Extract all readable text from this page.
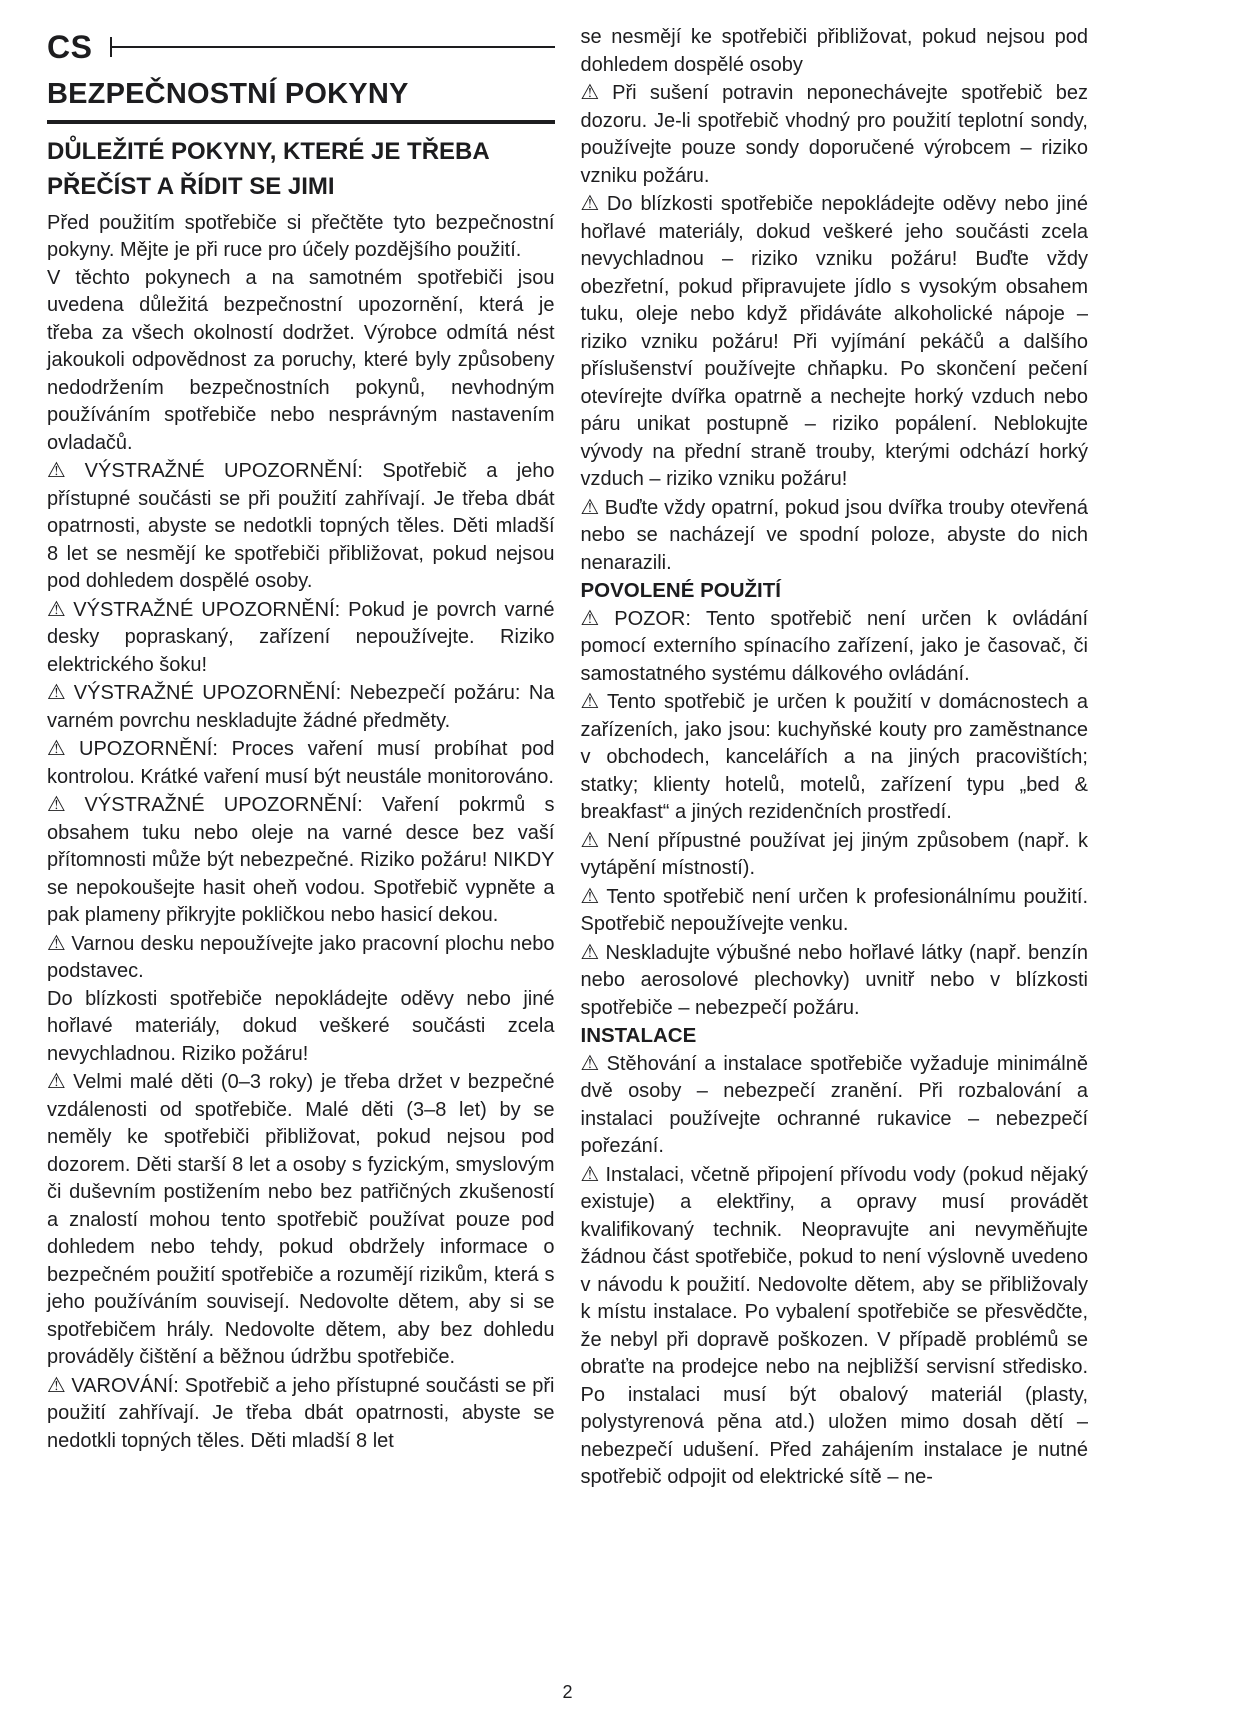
CS
BEZPEČNOSTNÍ POKYNY
DŮLEŽITÉ POKYNY, KTERÉ JE TŘEBA PŘEČÍST A ŘÍDIT SE JIMI

Před použitím spotřebiče si přečtěte tyto bezpečnostní pokyny. Mějte je při ruce pro účely pozdějšího použití.

V těchto pokynech a na samotném spotřebiči jsou uvedena důležitá bezpečnostní upozornění, která je třeba za všech okolností dodržet. Výrobce odmítá nést jakoukoli odpovědnost za poruchy, které byly způsobeny nedodržením bezpečnostních pokynů, nevhodným používáním spotřebiče nebo nesprávným nastavením ovladačů.

⚠ VÝSTRAŽNÉ UPOZORNĚNÍ: Spotřebič a jeho přístupné součásti se při použití zahřívají. Je třeba dbát opatrnosti, abyste se nedotkli topných těles. Děti mladší 8 let se nesmějí ke spotřebiči přibližovat, pokud nejsou pod dohledem dospělé osoby.

⚠ VÝSTRAŽNÉ UPOZORNĚNÍ: Pokud je povrch varné desky popraskaný, zařízení nepoužívejte. Riziko elektrického šoku!

⚠ VÝSTRAŽNÉ UPOZORNĚNÍ: Nebezpečí požáru: Na varném povrchu neskladujte žádné předměty.

⚠ UPOZORNĚNÍ: Proces vaření musí probíhat pod kontrolou. Krátké vaření musí být neustále monitorováno.

⚠ VÝSTRAŽNÉ UPOZORNĚNÍ: Vaření pokrmů s obsahem tuku nebo oleje na varné desce bez vaší přítomnosti může být nebezpečné. Riziko požáru! NIKDY se nepokoušejte hasit oheň vodou. Spotřebič vypněte a pak plameny přikryjte pokličkou nebo hasicí dekou.

⚠ Varnou desku nepoužívejte jako pracovní plochu nebo podstavec.

Do blízkosti spotřebiče nepokládejte oděvy nebo jiné hořlavé materiály, dokud veškeré součásti zcela nevychladnou. Riziko požáru!

⚠ Velmi malé děti (0–3 roky) je třeba držet v bezpečné vzdálenosti od spotřebiče. Malé děti (3–8 let) by se neměly ke spotřebiči přibližovat, pokud nejsou pod dozorem. Děti starší 8 let a osoby s fyzickým, smyslovým či duševním postižením nebo bez patřičných zkušeností a znalostí mohou tento spotřebič používat pouze pod dohledem nebo tehdy, pokud obdržely informace o bezpečném použití spotřebiče a rozumějí rizikům, která s jeho používáním souvisejí. Nedovolte dětem, aby si se spotřebičem hrály. Nedovolte dětem, aby bez dohledu prováděly čištění a běžnou údržbu spotřebiče.

⚠ VAROVÁNÍ: Spotřebič a jeho přístupné součásti se při použití zahřívají. Je třeba dbát opatrnosti, abyste se nedotkli topných těles. Děti mladší 8 let

se nesmějí ke spotřebiči přibližovat, pokud nejsou pod dohledem dospělé osoby

⚠ Při sušení potravin neponechávejte spotřebič bez dozoru. Je-li spotřebič vhodný pro použití teplotní sondy, používejte pouze sondy doporučené výrobcem – riziko vzniku požáru.

⚠ Do blízkosti spotřebiče nepokládejte oděvy nebo jiné hořlavé materiály, dokud veškeré jeho součásti zcela nevychladnou – riziko vzniku požáru! Buďte vždy obezřetní, pokud připravujete jídlo s vysokým obsahem tuku, oleje nebo když přidáváte alkoholické nápoje – riziko vzniku požáru! Při vyjímání pekáčů a dalšího příslušenství používejte chňapku. Po skončení pečení otevírejte dvířka opatrně a nechejte horký vzduch nebo páru unikat postupně – riziko popálení. Neblokujte vývody na přední straně trouby, kterými odchází horký vzduch – riziko vzniku požáru!

⚠ Buďte vždy opatrní, pokud jsou dvířka trouby otevřená nebo se nacházejí ve spodní poloze, abyste do nich nenarazili.

POVOLENÉ POUŽITÍ

⚠ POZOR: Tento spotřebič není určen k ovládání pomocí externího spínacího zařízení, jako je časovač, či samostatného systému dálkového ovládání.

⚠ Tento spotřebič je určen k použití v domácnostech a zařízeních, jako jsou: kuchyňské kouty pro zaměstnance v obchodech, kancelářích a na jiných pracovištích; statky; klienty hotelů, motelů, zařízení typu „bed & breakfast“ a jiných rezidenčních prostředí.

⚠ Není přípustné používat jej jiným způsobem (např. k vytápění místností).

⚠ Tento spotřebič není určen k profesionálnímu použití. Spotřebič nepoužívejte venku.

⚠ Neskladujte výbušné nebo hořlavé látky (např. benzín nebo aerosolové plechovky) uvnitř nebo v blízkosti spotřebiče – nebezpečí požáru.

INSTALACE

⚠ Stěhování a instalace spotřebiče vyžaduje minimálně dvě osoby – nebezpečí zranění. Při rozbalování a instalaci používejte ochranné rukavice – nebezpečí pořezání.

⚠ Instalaci, včetně připojení přívodu vody (pokud nějaký existuje) a elektřiny, a opravy musí provádět kvalifikovaný technik. Neopravujte ani nevyměňujte žádnou část spotřebiče, pokud to není výslovně uvedeno v návodu k použití. Nedovolte dětem, aby se přibližovaly k místu instalace. Po vybalení spotřebiče se přesvědčte, že nebyl při dopravě poškozen. V případě problémů se obraťte na prodejce nebo na nejbližší servisní středisko. Po instalaci musí být obalový materiál (plasty, polystyrenová pěna atd.) uložen mimo dosah dětí – nebezpečí udušení. Před zahájením instalace je nutné spotřebič odpojit od elektrické sítě – ne-

2
